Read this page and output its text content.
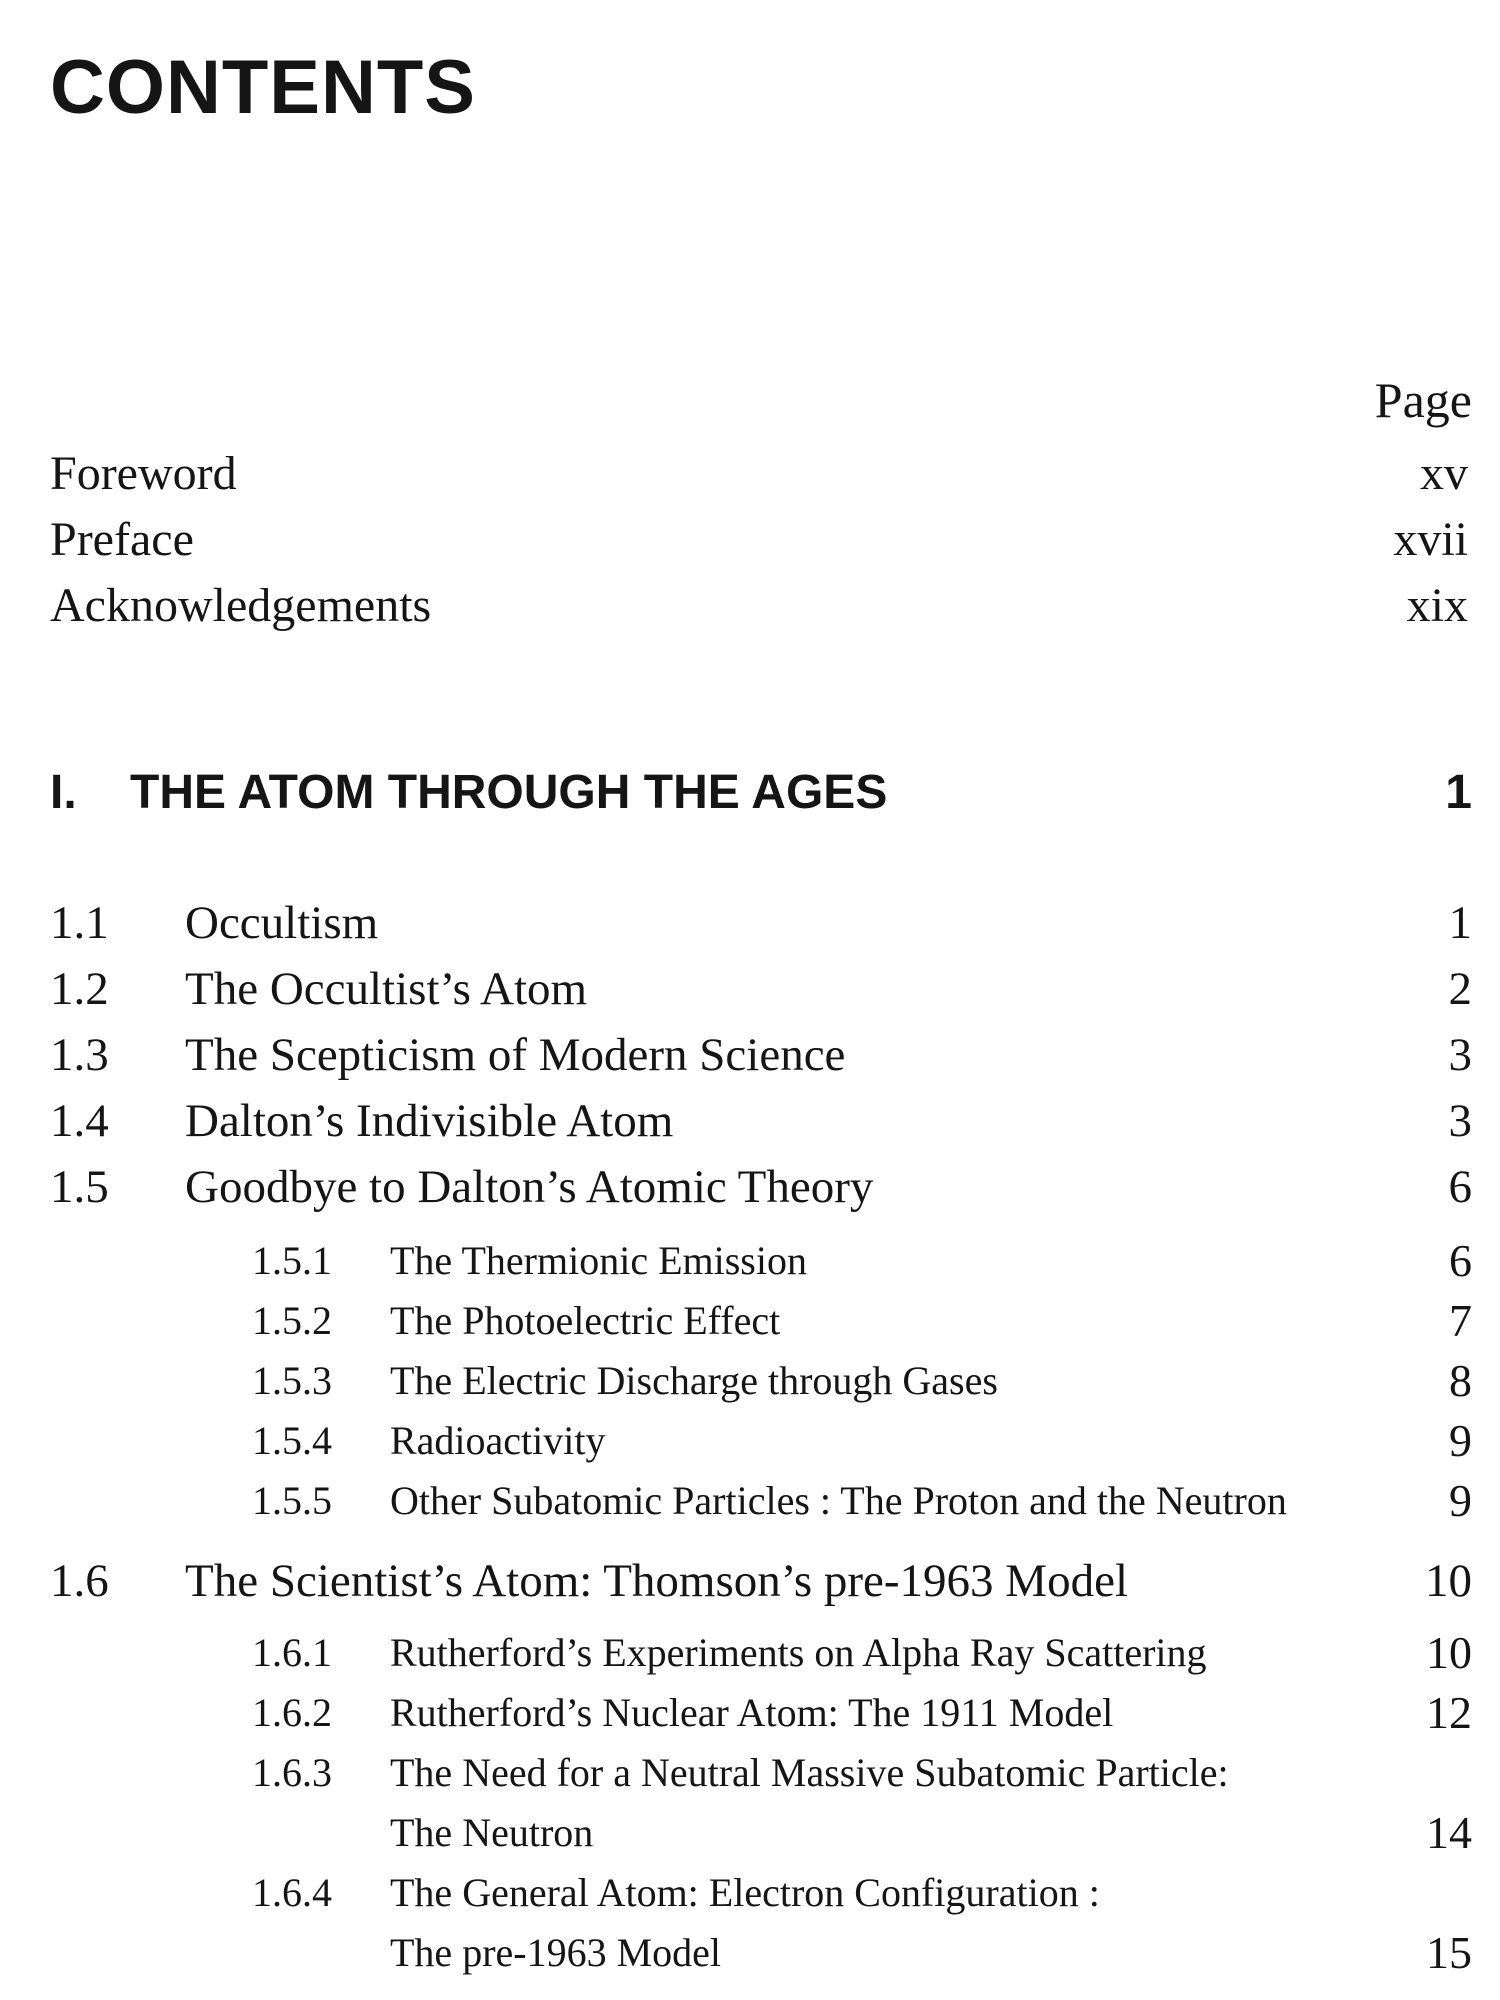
CONTENTS
Page
Foreword	xv
Preface	xvii
Acknowledgements	xix
I. THE ATOM THROUGH THE AGES	1
1.1 Occultism	1
1.2 The Occultist’s Atom	2
1.3 The Scepticism of Modern Science	3
1.4 Dalton’s Indivisible Atom	3
1.5 Goodbye to Dalton’s Atomic Theory	6
1.5.1 The Thermionic Emission	6
1.5.2 The Photoelectric Effect	7
1.5.3 The Electric Discharge through Gases	8
1.5.4 Radioactivity	9
1.5.5 Other Subatomic Particles : The Proton and the Neutron	9
1.6 The Scientist’s Atom: Thomson’s pre-1963 Model	10
1.6.1 Rutherford’s Experiments on Alpha Ray Scattering	10
1.6.2 Rutherford’s Nuclear Atom: The 1911 Model	12
1.6.3 The Need for a Neutral Massive Subatomic Particle:
The Neutron	14
1.6.4 The General Atom: Electron Configuration :
The pre-1963 Model	15
